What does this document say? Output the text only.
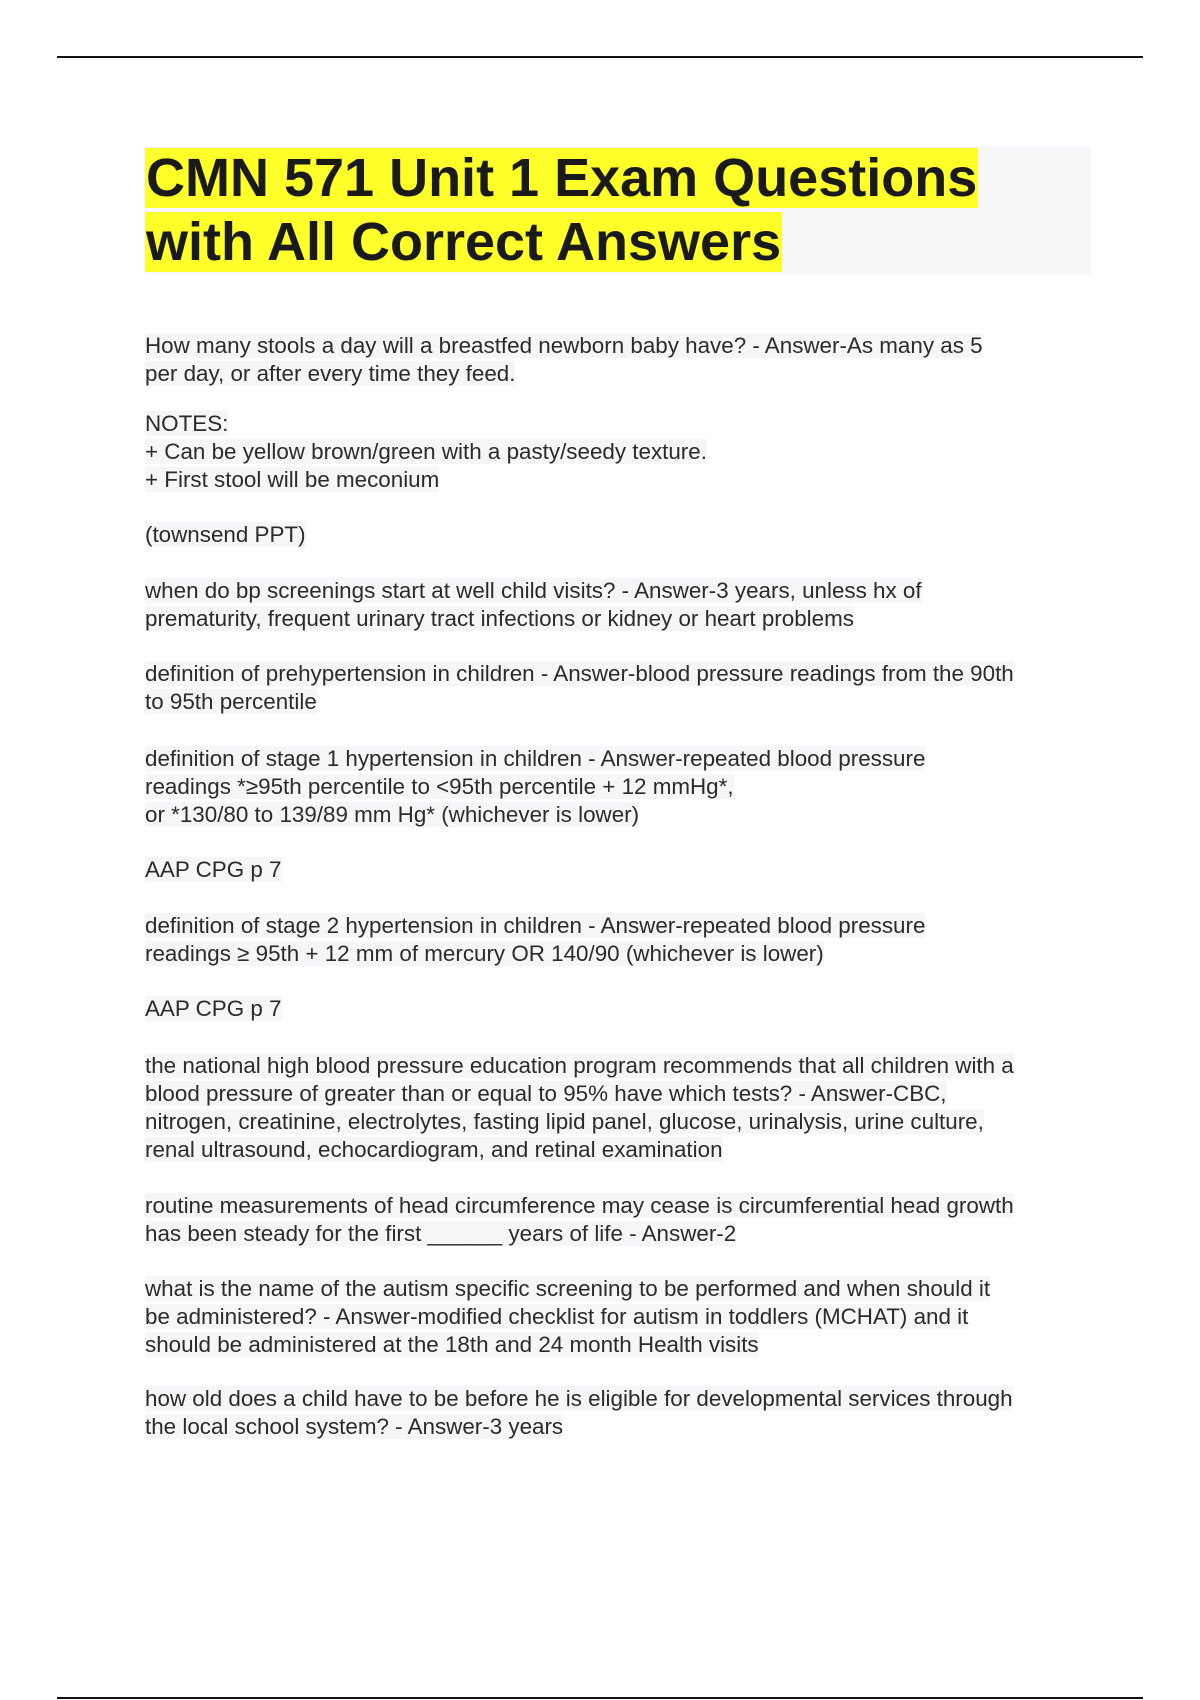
CMN 571 Unit 1 Exam Questions with All Correct Answers
How many stools a day will a breastfed newborn baby have? - Answer-As many as 5
per day, or after every time they feed.
NOTES:
+ Can be yellow brown/green with a pasty/seedy texture.
+ First stool will be meconium
(townsend PPT)
when do bp screenings start at well child visits? - Answer-3 years, unless hx of
prematurity, frequent urinary tract infections or kidney or heart problems
definition of prehypertension in children - Answer-blood pressure readings from the 90th
to 95th percentile
definition of stage 1 hypertension in children - Answer-repeated blood pressure
readings *≥95th percentile to <95th percentile + 12 mmHg*,
or *130/80 to 139/89 mm Hg* (whichever is lower)
AAP CPG p 7
definition of stage 2 hypertension in children - Answer-repeated blood pressure
readings ≥ 95th + 12 mm of mercury OR 140/90 (whichever is lower)
AAP CPG p 7
the national high blood pressure education program recommends that all children with a
blood pressure of greater than or equal to 95% have which tests? - Answer-CBC,
nitrogen, creatinine, electrolytes, fasting lipid panel, glucose, urinalysis, urine culture,
renal ultrasound, echocardiogram, and retinal examination
routine measurements of head circumference may cease is circumferential head growth
has been steady for the first ______ years of life - Answer-2
what is the name of the autism specific screening to be performed and when should it
be administered? - Answer-modified checklist for autism in toddlers (MCHAT) and it
should be administered at the 18th and 24 month Health visits
how old does a child have to be before he is eligible for developmental services through
the local school system? - Answer-3 years
